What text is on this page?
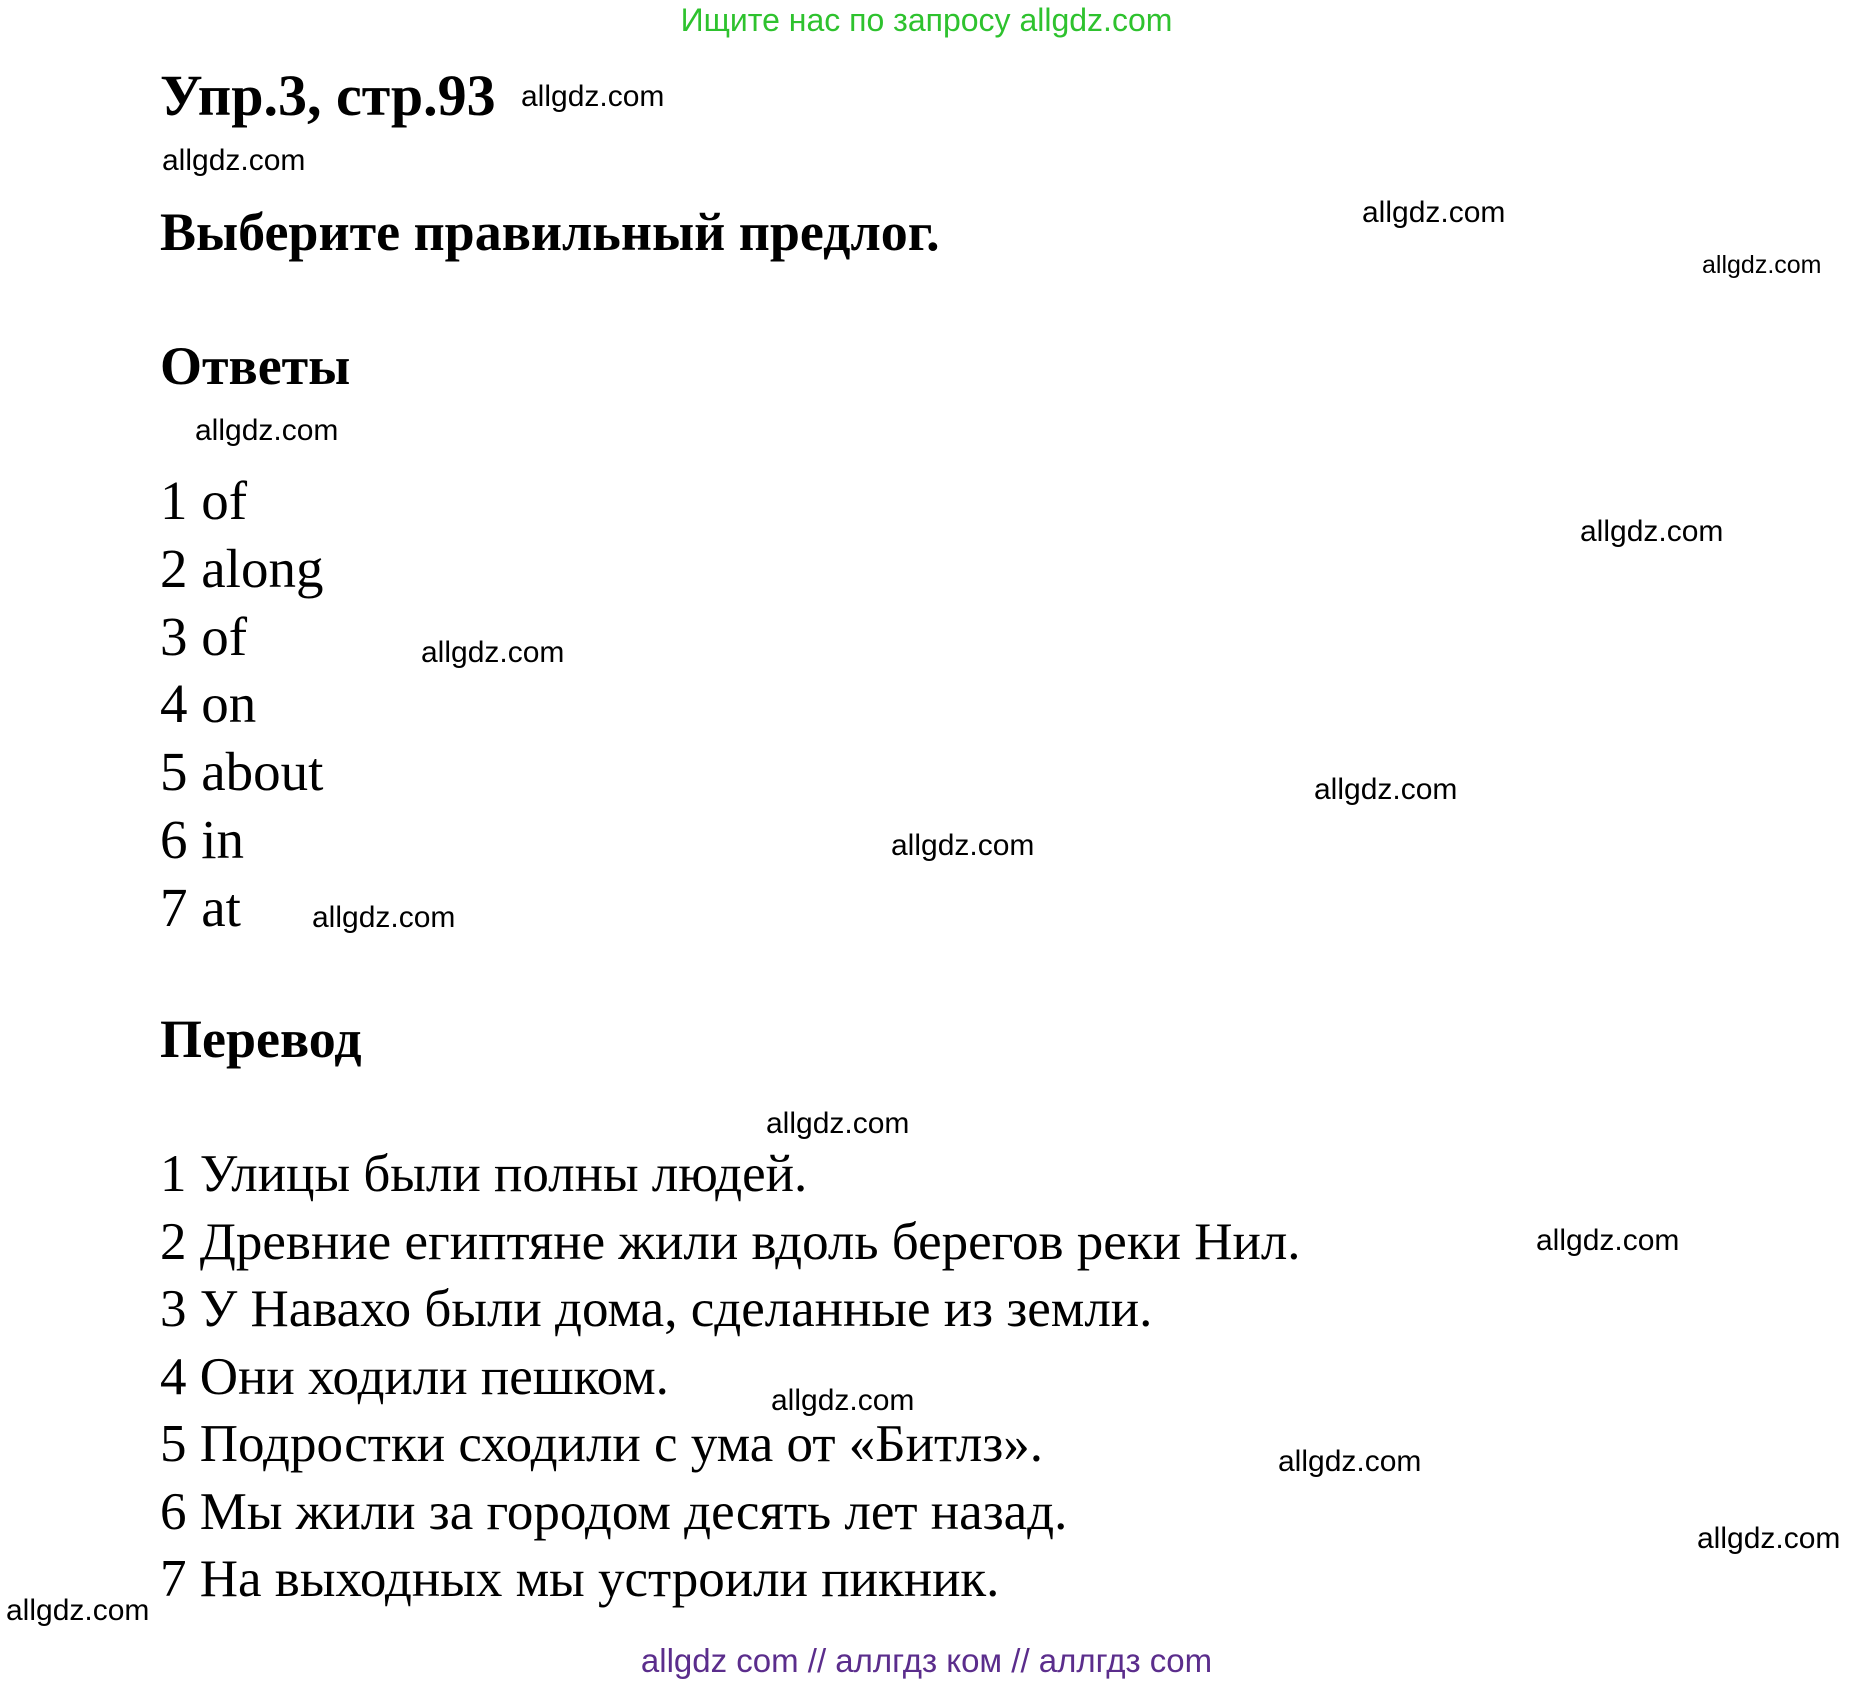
Ищите нас по запросу allgdz.com
Упр.3, стр.93
Выберите правильный предлог.
Ответы
1 of
2 along
3 of
4 on
5 about
6 in
7 at
Перевод
1 Улицы были полны людей.
2 Древние египтяне жили вдоль берегов реки Нил.
3 У Навахо были дома, сделанные из земли.
4 Они ходили пешком.
5 Подростки сходили с ума от «Битлз».
6 Мы жили за городом десять лет назад.
7 На выходных мы устроили пикник.
allgdz.com
allgdz.com
allgdz.com
allgdz.com
allgdz.com
allgdz.com
allgdz.com
allgdz.com
allgdz.com
allgdz.com
allgdz.com
allgdz.com
allgdz.com
allgdz.com
allgdz.com
allgdz.com
allgdz com // аллгдз ком // аллгдз com
